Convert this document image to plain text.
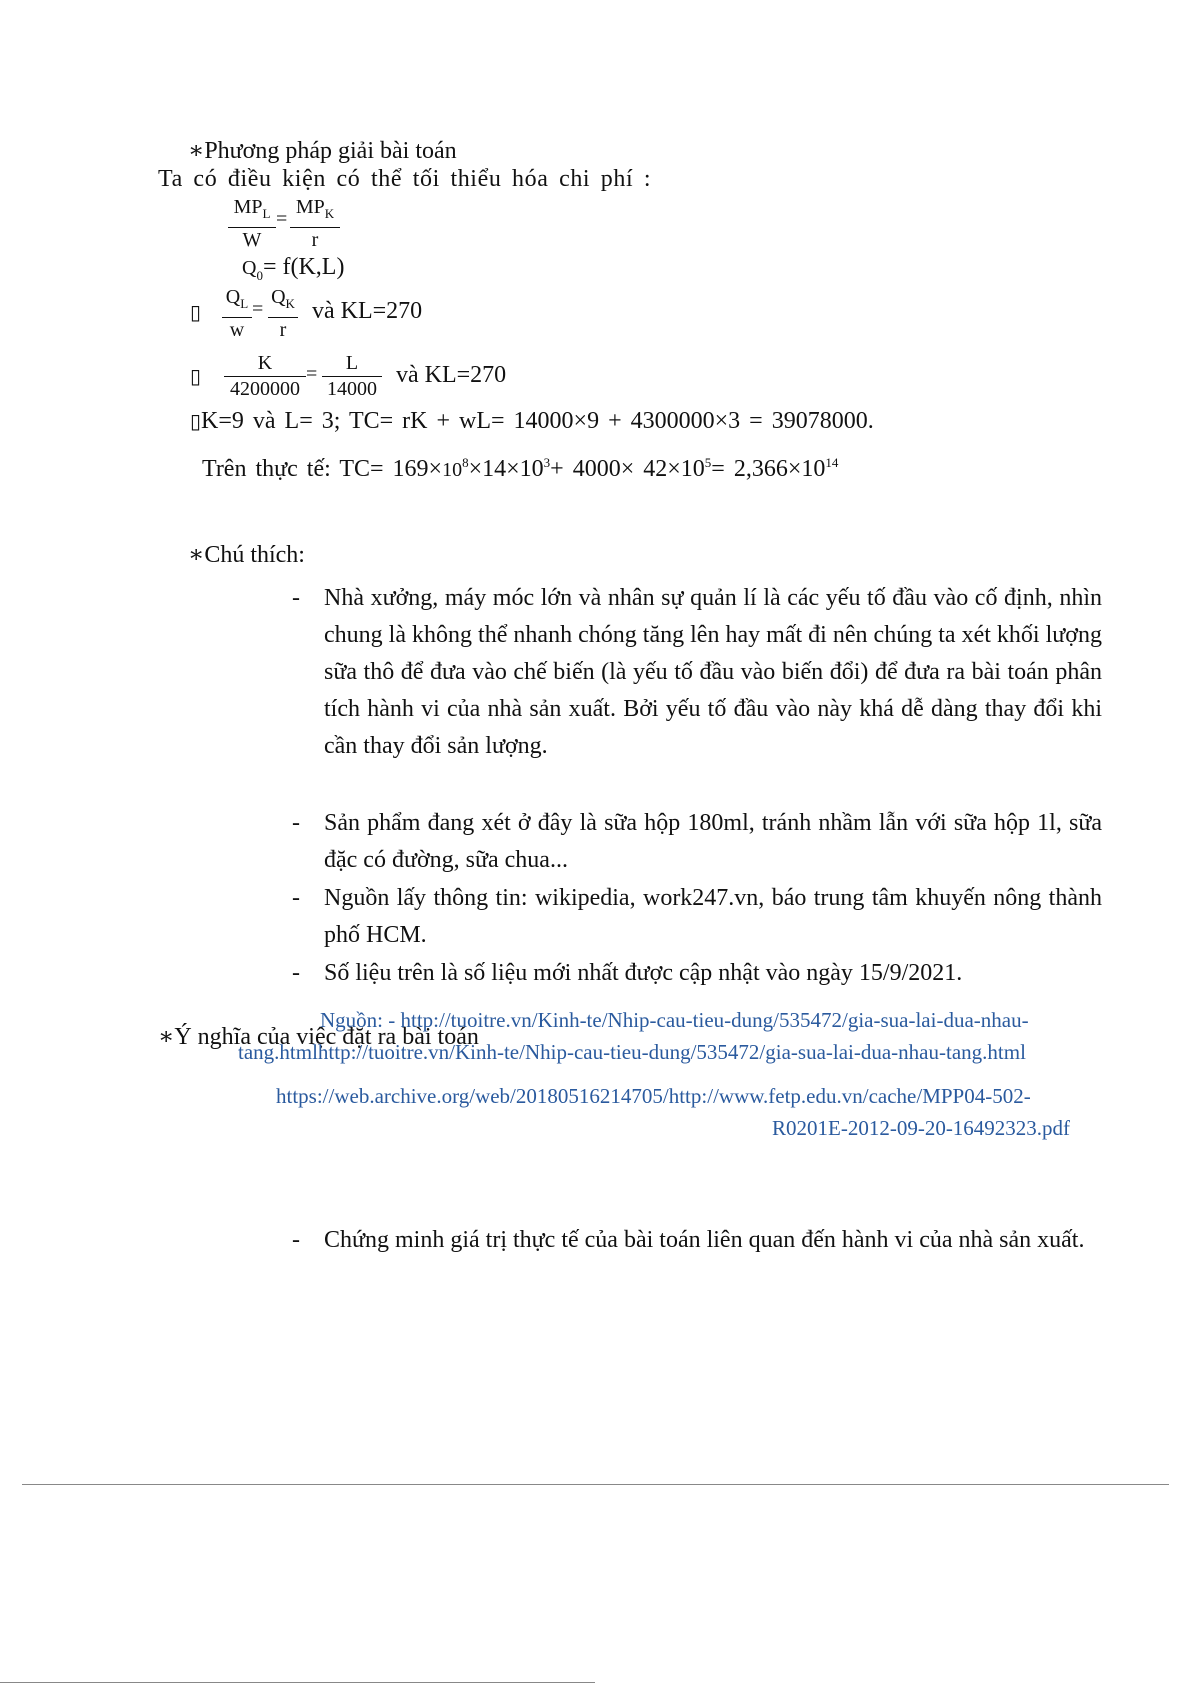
∗Phương pháp giải bài toán
Ta có điều kiện có thể tối thiểu hóa chi phí :
$MP_L$
W
=
$MP_K$
r
$Q_0= f(K,L)$
▯
$Q_L$
w
=
$Q_K$
r
và KL=270
▯
K
4200000
=	L
14000
và KL=270
▯K=9 và L= 3; TC= rK + wL= 14000×9 + 4300000×3 = 39078000.
Trên thực tế: $TC= 169\times 10^8\times 14\times 10^3+ 4000\times 42\times 10^5= 2,366\times 10^{14}$
∗Chú thích:
- Nhà xưởng, máy móc lớn và nhân sự quản lí là các yếu tố đầu vào cố định, nhìn chung là không thể nhanh chóng tăng lên hay mất đi nên chúng ta xét khối lượng sữa thô để đưa vào chế biến (là yếu tố đầu vào biến đổi) để đưa ra bài toán phân tích hành vi của nhà sản xuất. Bởi yếu tố đầu vào này khá dễ dàng thay đổi khi cần thay đổi sản lượng.
- Sản phẩm đang xét ở đây là sữa hộp 180ml, tránh nhầm lẫn với sữa hộp 1l, sữa đặc có đường, sữa chua...
- Nguồn lấy thông tin: wikipedia, work247.vn, báo trung tâm khuyến nông thành phố HCM.
- Số liệu trên là số liệu mới nhất được cập nhật vào ngày 15/9/2021.
∗Ý nghĩa của việc đặt ra bài toán
Nguồn: - http://tuoitre.vn/Kinh-te/Nhip-cau-tieu-dung/535472/gia-sua-lai-dua-nhau-
tang.htmlhttp://tuoitre.vn/Kinh-te/Nhip-cau-tieu-dung/535472/gia-sua-lai-dua-nhau-tang.html
https://web.archive.org/web/20180516214705/http://www.fetp.edu.vn/cache/MPP04-502-
R0201E-2012-09-20-16492323.pdf
- Chứng minh giá trị thực tế của bài toán liên quan đến hành vi của nhà sản xuất.
